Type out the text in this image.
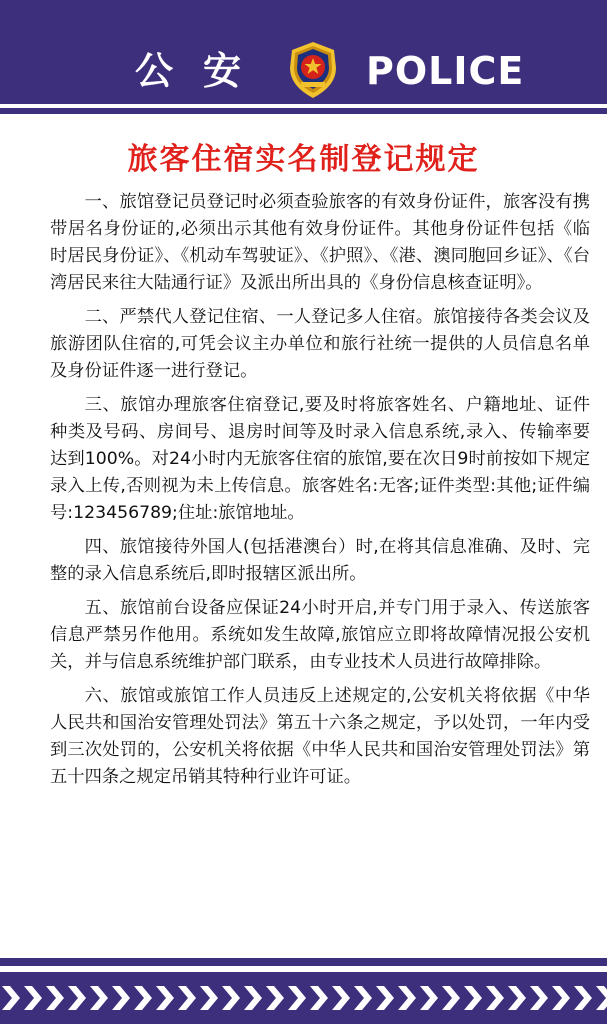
公安 POLICE
旅客住宿实名制登记规定

一、旅馆登记员登记时必须查验旅客的有效身份证件，旅客没有携带居名身份证的,必须出示其他有效身份证件。其他身份证件包括《临时居民身份证》、《机动车驾驶证》、《护照》、《港、澳同胞回乡证》、《台湾居民来往大陆通行证》及派出所出具的《身份信息核查证明》。

二、严禁代人登记住宿、一人登记多人住宿。旅馆接待各类会议及旅游团队住宿的,可凭会议主办单位和旅行社统一提供的人员信息名单及身份证件逐一进行登记。

三、旅馆办理旅客住宿登记,要及时将旅客姓名、户籍地址、证件种类及号码、房间号、退房时间等及时录入信息系统,录入、传输率要达到100%。对24小时内无旅客住宿的旅馆,要在次日9时前按如下规定录入上传,否则视为未上传信息。旅客姓名:无客;证件类型:其他;证件编号:123456789;住址:旅馆地址。

四、旅馆接待外国人(包括港澳台）时,在将其信息准确、及时、完整的录入信息系统后,即时报辖区派出所。

五、旅馆前台设备应保证24小时开启,并专门用于录入、传送旅客信息严禁另作他用。系统如发生故障,旅馆应立即将故障情况报公安机关，并与信息系统维护部门联系，由专业技术人员进行故障排除。

六、旅馆或旅馆工作人员违反上述规定的,公安机关将依据《中华人民共和国治安管理处罚法》第五十六条之规定，予以处罚，一年内受到三次处罚的，公安机关将依据《中华人民共和国治安管理处罚法》第五十四条之规定吊销其特种行业许可证。
